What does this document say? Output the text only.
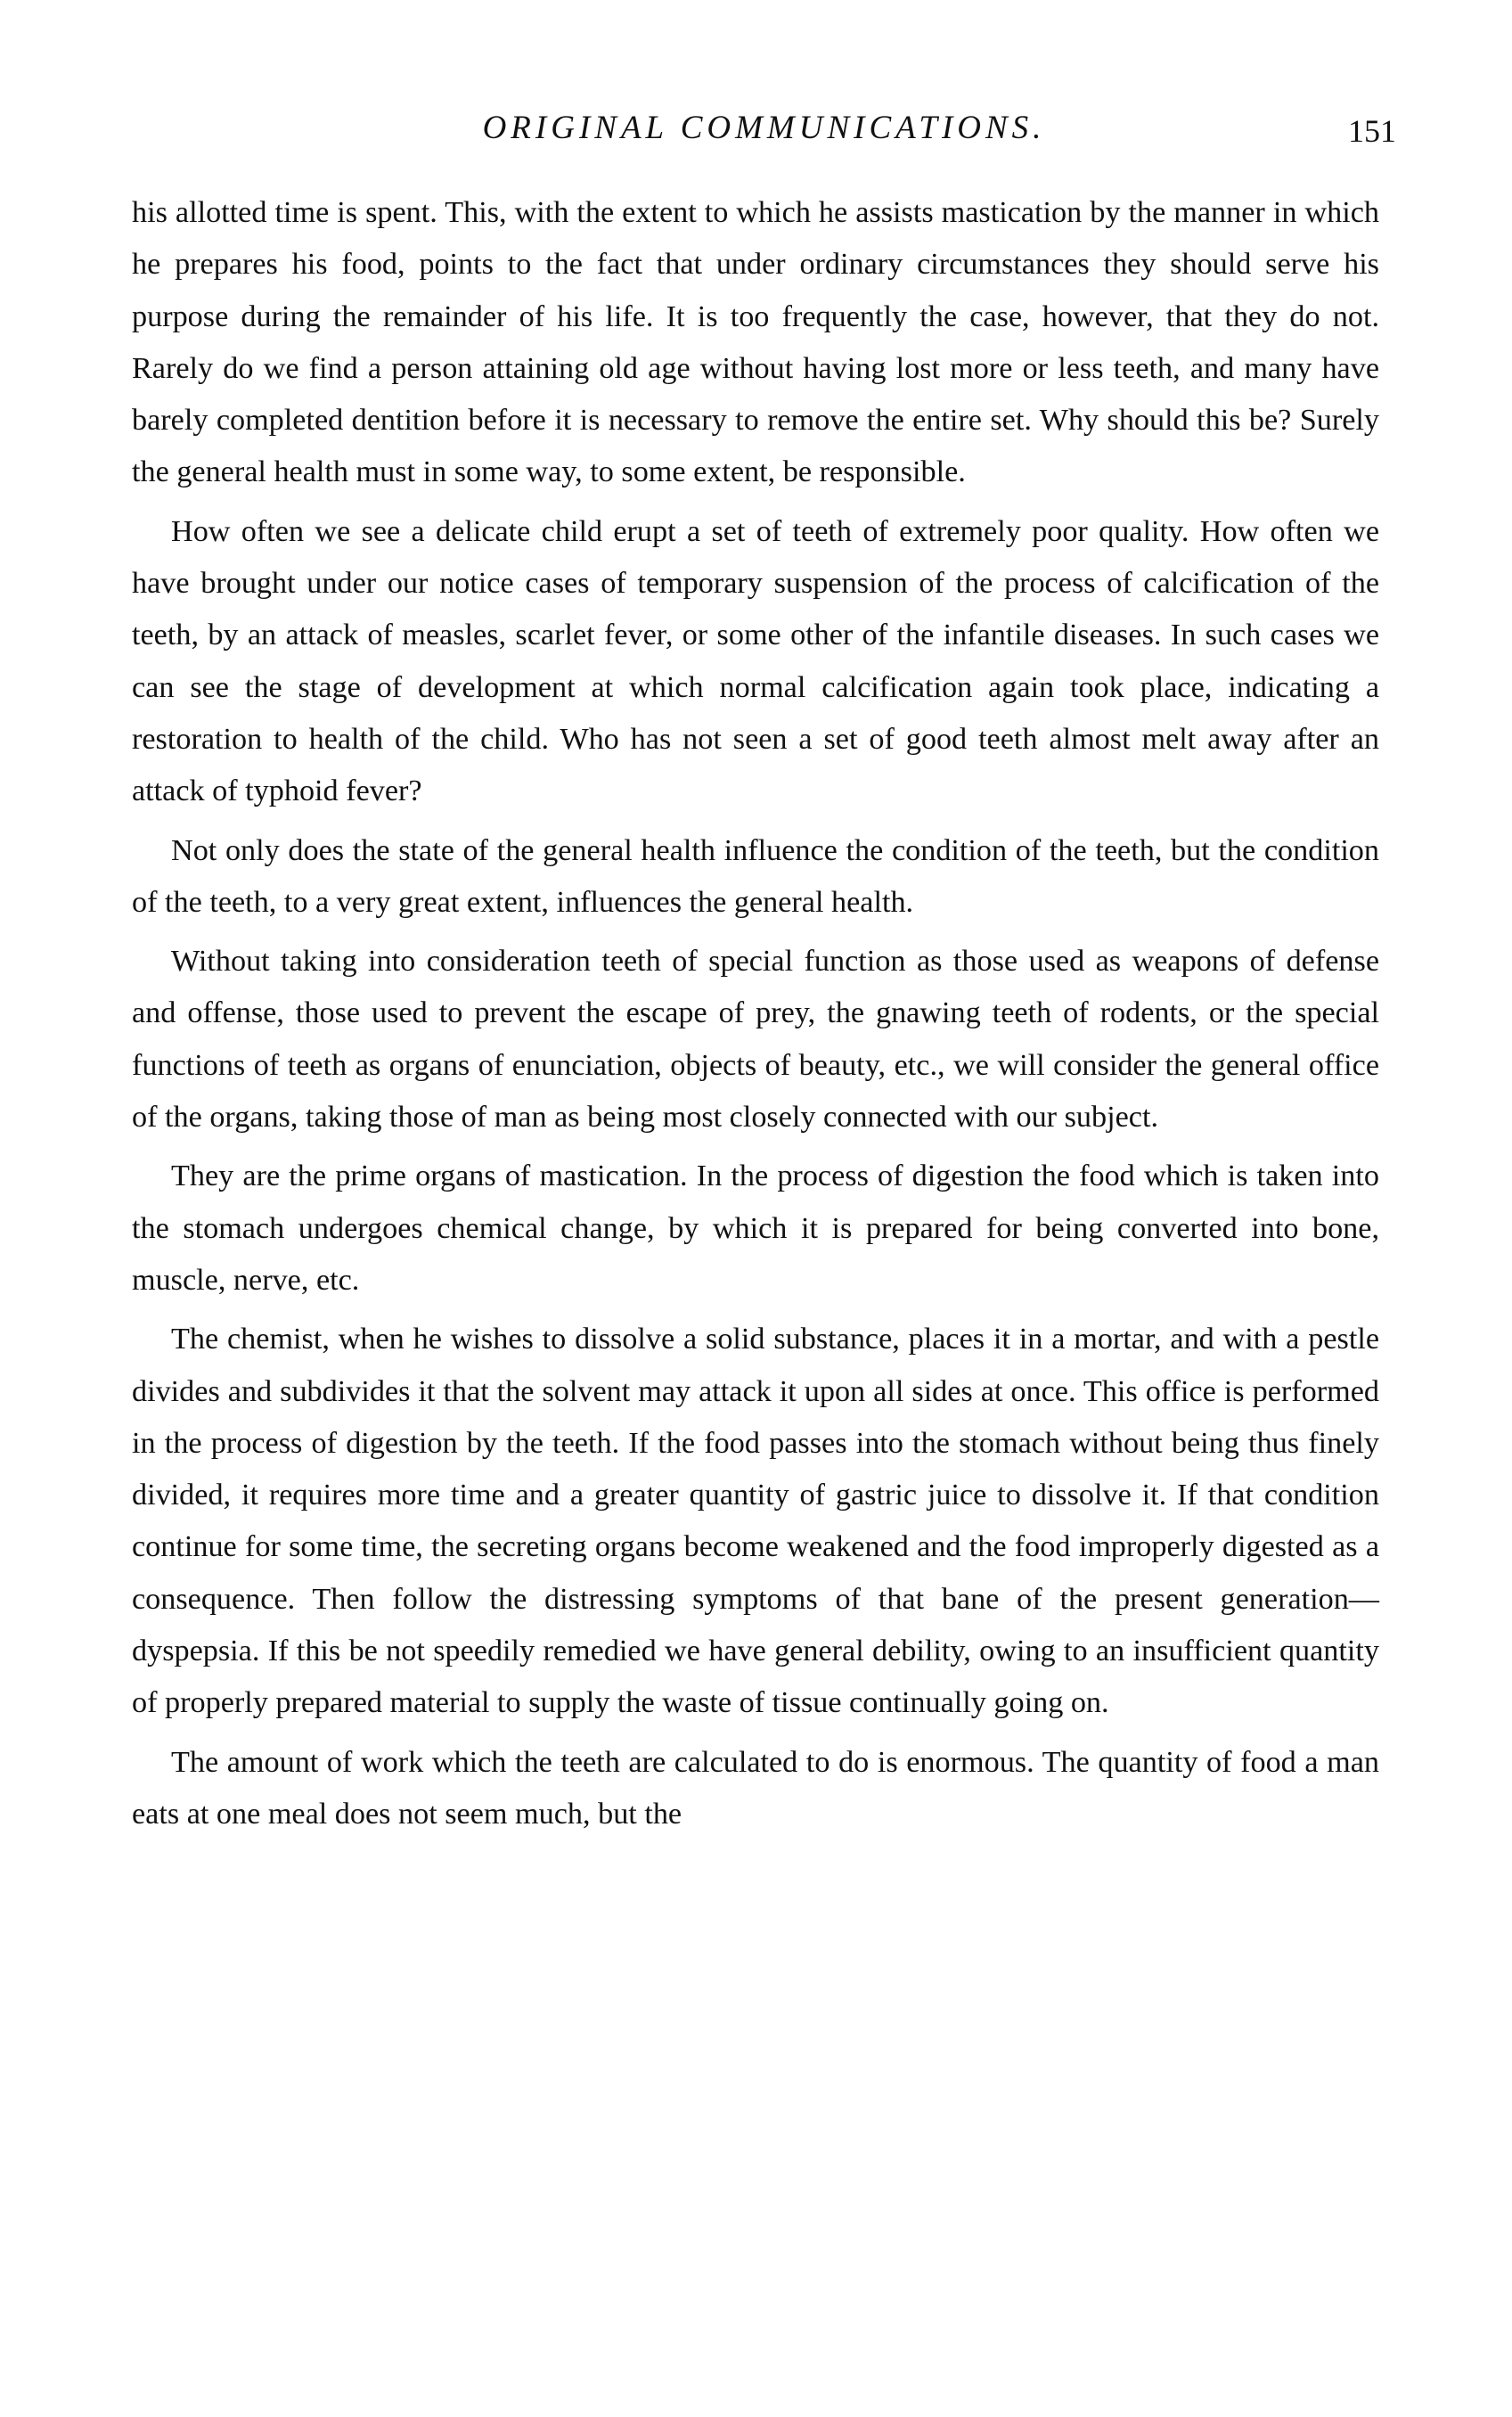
ORIGINAL COMMUNICATIONS.	151

his allotted time is spent. This, with the extent to which he assists mastication by the manner in which he prepares his food, points to the fact that under ordinary circumstances they should serve his purpose during the remainder of his life. It is too frequently the case, however, that they do not. Rarely do we find a person attaining old age without having lost more or less teeth, and many have barely completed dentition before it is necessary to remove the entire set. Why should this be? Surely the general health must in some way, to some extent, be responsible.

How often we see a delicate child erupt a set of teeth of extremely poor quality. How often we have brought under our notice cases of temporary suspension of the process of calcification of the teeth, by an attack of measles, scarlet fever, or some other of the infantile diseases. In such cases we can see the stage of development at which normal calcification again took place, indicating a restoration to health of the child. Who has not seen a set of good teeth almost melt away after an attack of typhoid fever?

Not only does the state of the general health influence the condition of the teeth, but the condition of the teeth, to a very great extent, influences the general health.

Without taking into consideration teeth of special function as those used as weapons of defense and offense, those used to prevent the escape of prey, the gnawing teeth of rodents, or the special functions of teeth as organs of enunciation, objects of beauty, etc., we will consider the general office of the organs, taking those of man as being most closely connected with our subject.

They are the prime organs of mastication. In the process of digestion the food which is taken into the stomach undergoes chemical change, by which it is prepared for being converted into bone, muscle, nerve, etc.

The chemist, when he wishes to dissolve a solid substance, places it in a mortar, and with a pestle divides and subdivides it that the solvent may attack it upon all sides at once. This office is performed in the process of digestion by the teeth. If the food passes into the stomach without being thus finely divided, it requires more time and a greater quantity of gastric juice to dissolve it. If that condition continue for some time, the secreting organs become weakened and the food improperly digested as a consequence. Then follow the distressing symptoms of that bane of the present generation—dyspepsia. If this be not speedily remedied we have general debility, owing to an insufficient quantity of properly prepared material to supply the waste of tissue continually going on.

The amount of work which the teeth are calculated to do is enormous. The quantity of food a man eats at one meal does not seem much, but the
